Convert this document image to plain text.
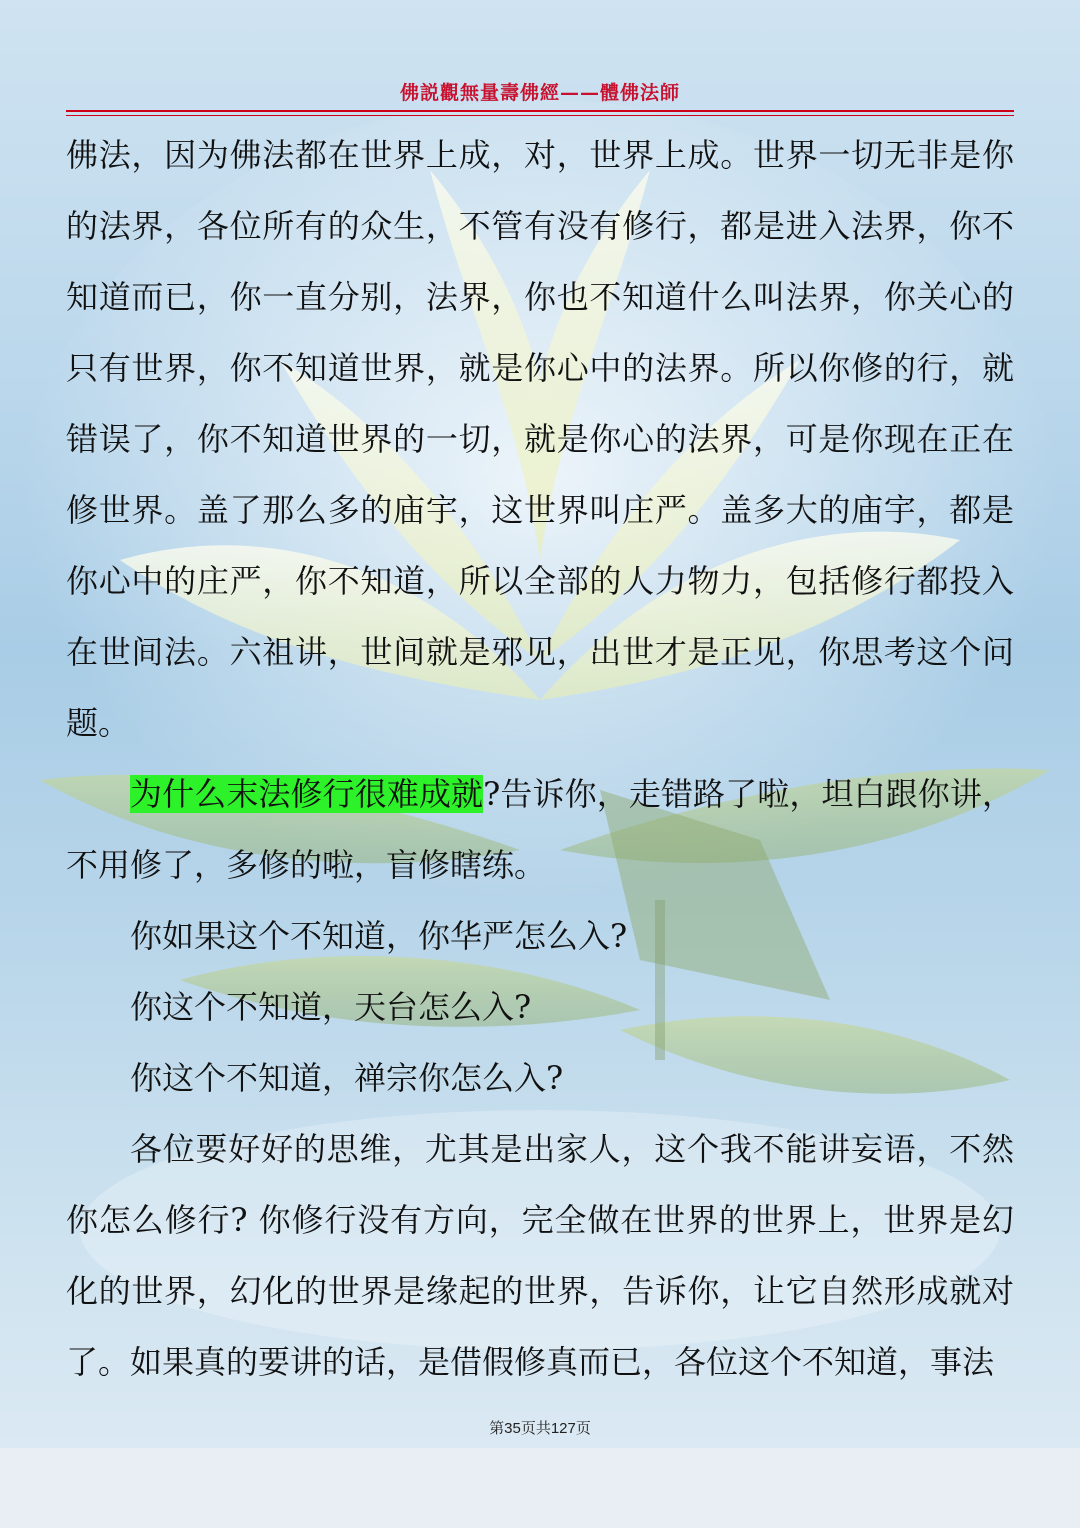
佛説觀無量壽佛經——體佛法師

佛法，因为佛法都在世界上成，对，世界上成。世界一切无非是你的法界，各位所有的众生，不管有没有修行，都是进入法界，你不知道而已，你一直分别，法界，你也不知道什么叫法界，你关心的只有世界，你不知道世界，就是你心中的法界。所以你修的行，就错误了，你不知道世界的一切，就是你心的法界，可是你现在正在修世界。盖了那么多的庙宇，这世界叫庄严。盖多大的庙宇，都是你心中的庄严，你不知道，所以全部的人力物力，包括修行都投入在世间法。六祖讲，世间就是邪见，出世才是正见，你思考这个问题。

为什么末法修行很难成就?告诉你，走错路了啦，坦白跟你讲，不用修了，多修的啦，盲修瞎练。

你如果这个不知道，你华严怎么入?

你这个不知道，天台怎么入?

你这个不知道，禅宗你怎么入?

各位要好好的思维，尤其是出家人，这个我不能讲妄语，不然你怎么修行? 你修行没有方向，完全做在世界的世界上，世界是幻化的世界，幻化的世界是缘起的世界，告诉你，让它自然形成就对了。如果真的要讲的话，是借假修真而已，各位这个不知道，事法

第35页共127页
